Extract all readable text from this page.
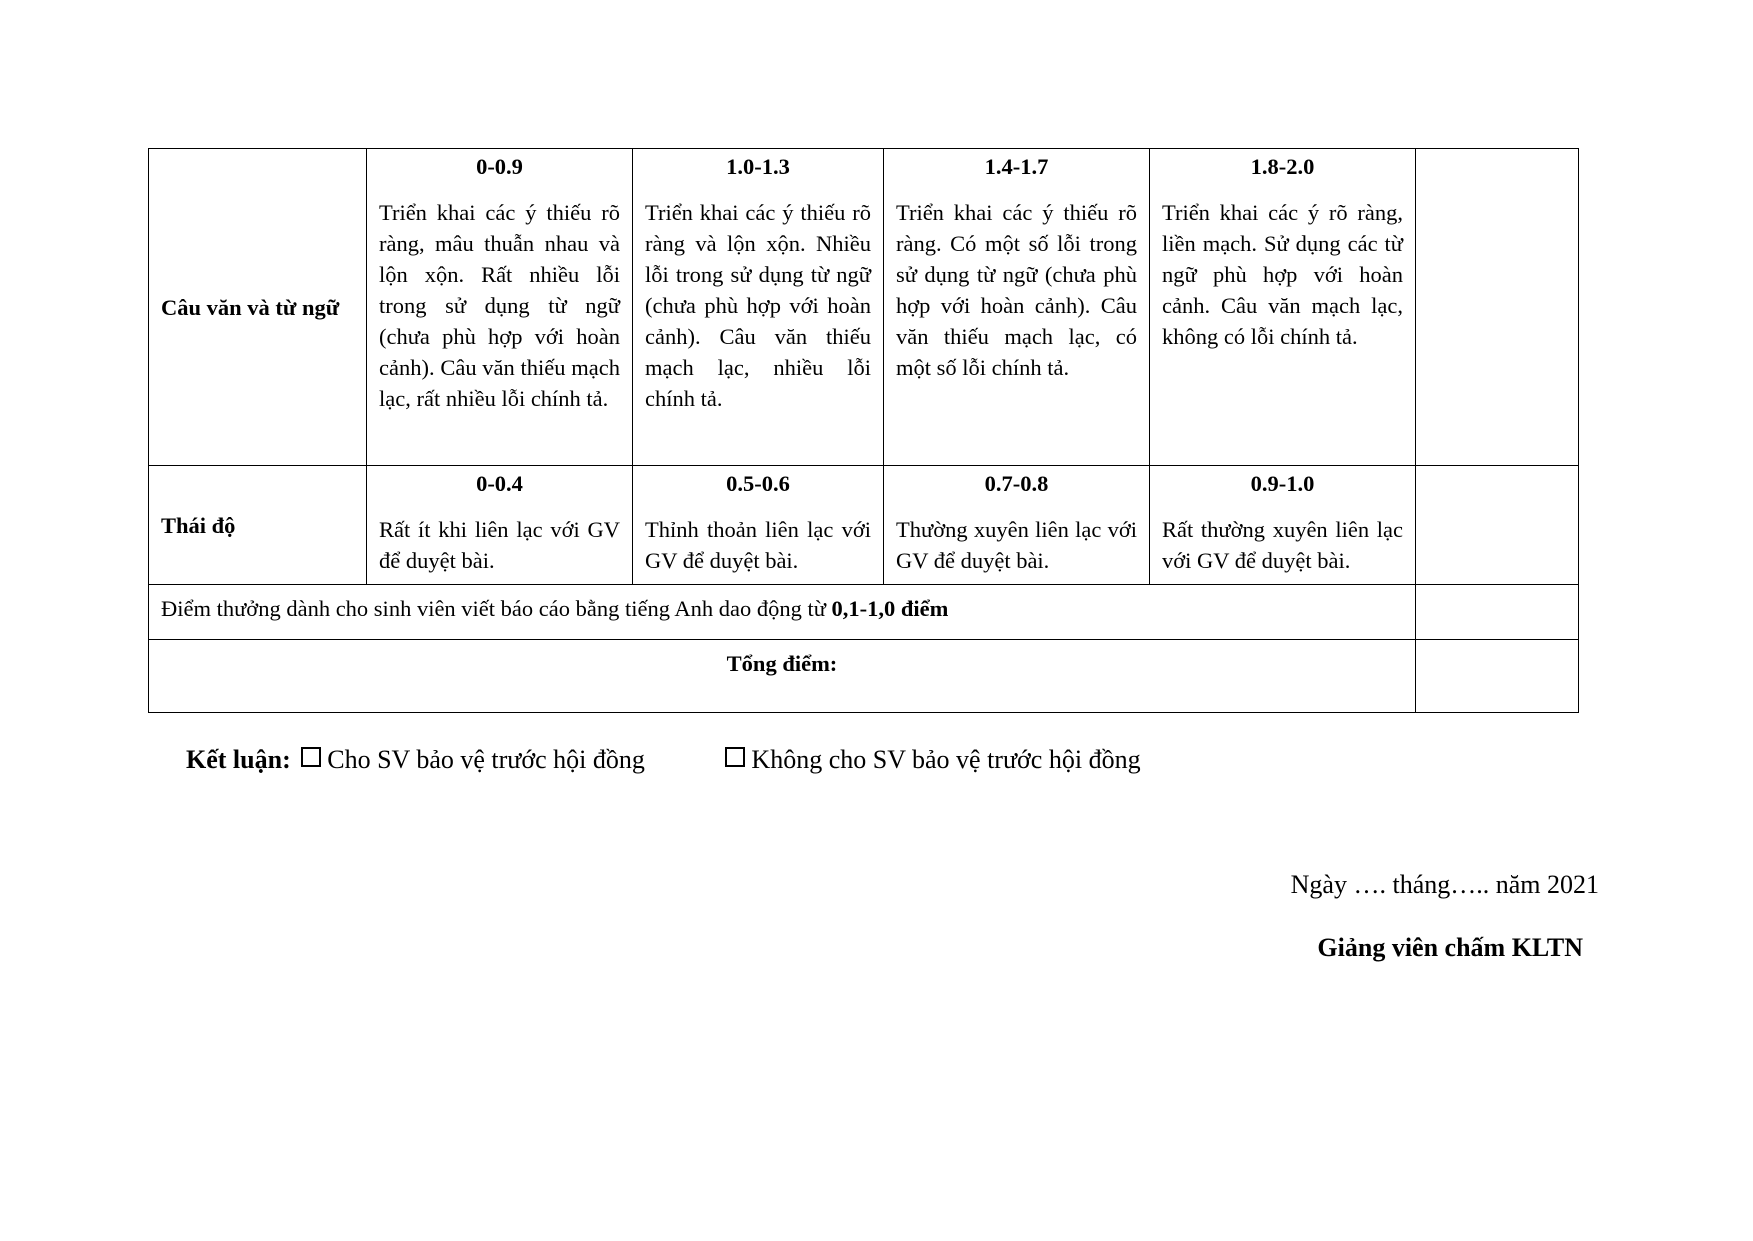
Câu văn và từ ngữ	0-0.9	1.0-1.3	1.4-1.7	1.8-2.0	
	Triển khai các ý thiếu rõ ràng, mâu thuẫn nhau và lộn xộn. Rất nhiều lỗi trong sử dụng từ ngữ (chưa phù hợp với hoàn cảnh). Câu văn thiếu mạch lạc, rất nhiều lỗi chính tả.	Triển khai các ý thiếu rõ ràng và lộn xộn. Nhiều lỗi trong sử dụng từ ngữ (chưa phù hợp với hoàn cảnh). Câu văn thiếu mạch lạc, nhiều lỗi chính tả.	Triển khai các ý thiếu rõ ràng. Có một số lỗi trong sử dụng từ ngữ (chưa phù hợp với hoàn cảnh). Câu văn thiếu mạch lạc, có một số lỗi chính tả.	Triển khai các ý rõ ràng, liền mạch. Sử dụng các từ ngữ phù hợp với hoàn cảnh. Câu văn mạch lạc, không có lỗi chính tả.	
Thái độ	0-0.4	0.5-0.6	0.7-0.8	0.9-1.0	
	Rất ít khi liên lạc với GV để duyệt bài.	Thỉnh thoản liên lạc với GV để duyệt bài.	Thường xuyên liên lạc với GV để duyệt bài.	Rất thường xuyên liên lạc với GV để duyệt bài.	
Điểm thưởng dành cho sinh viên viết báo cáo bằng tiếng Anh dao động từ 0,1-1,0 điểm					
Tổng điểm:					
Kết luận: Cho SV bảo vệ trước hội đồng	Không cho SV bảo vệ trước hội đồng
Ngày …. tháng….. năm 2021
Giảng viên chấm KLTN
